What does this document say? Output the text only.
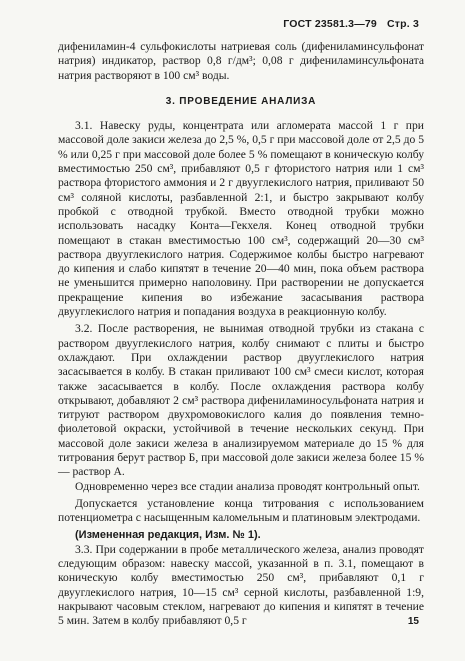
ГОСТ 23581.3—79 Стр. 3

дифениламин-4 сульфокислоты натриевая соль (дифениламинсульфонат натрия) индикатор, раствор 0,8 г/дм³; 0,08 г дифениламинсульфоната натрия растворяют в 100 см³ воды.

3. ПРОВЕДЕНИЕ АНАЛИЗА

3.1. Навеску руды, концентрата или агломерата массой 1 г при массовой доле закиси железа до 2,5 %, 0,5 г при массовой доле от 2,5 до 5 % или 0,25 г при массовой доле более 5 % помещают в коническую колбу вместимостью 250 см³, прибавляют 0,5 г фтористого натрия или 1 см³ раствора фтористого аммония и 2 г двууглекислого натрия, приливают 50 см³ соляной кислоты, разбавленной 2:1, и быстро закрывают колбу пробкой с отводной трубкой. Вместо отводной трубки можно использовать насадку Конта—Гекхеля. Конец отводной трубки помещают в стакан вместимостью 100 см³, содержащий 20—30 см³ раствора двууглекислого натрия. Содержимое колбы быстро нагревают до кипения и слабо кипятят в течение 20—40 мин, пока объем раствора не уменьшится примерно наполовину. При растворении не допускается прекращение кипения во избежание засасывания раствора двууглекислого натрия и попадания воздуха в реакционную колбу.

3.2. После растворения, не вынимая отводной трубки из стакана с раствором двууглекислого натрия, колбу снимают с плиты и быстро охлаждают. При охлаждении раствор двууглекислого натрия засасывается в колбу. В стакан приливают 100 см³ смеси кислот, которая также засасывается в колбу. После охлаждения раствора колбу открывают, добавляют 2 см³ раствора дифениламиносульфоната натрия и титруют раствором двухромовокислого калия до появления темно-фиолетовой окраски, устойчивой в течение нескольких секунд. При массовой доле закиси железа в анализируемом материале до 15 % для титрования берут раствор Б, при массовой доле закиси железа более 15 % — раствор А.

Одновременно через все стадии анализа проводят контрольный опыт.

Допускается установление конца титрования с использованием потенциометра с насыщенным каломельным и платиновым электродами.

(Измененная редакция, Изм. № 1).

3.3. При содержании в пробе металлического железа, анализ проводят следующим образом: навеску массой, указанной в п. 3.1, помещают в коническую колбу вместимостью 250 см³, прибавляют 0,1 г двууглекислого натрия, 10—15 см³ серной кислоты, разбавленной 1:9, накрывают часовым стеклом, нагревают до кипения и кипятят в течение 5 мин. Затем в колбу прибавляют 0,5 г	15
